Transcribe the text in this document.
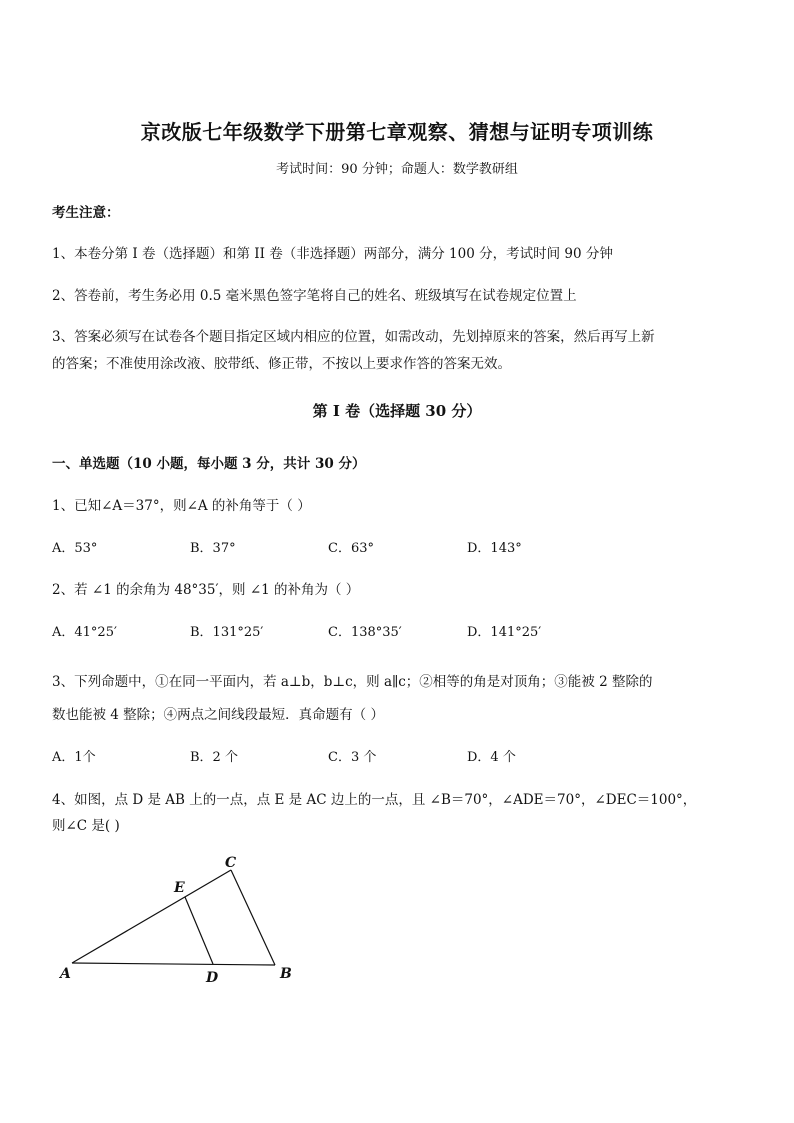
京改版七年级数学下册第七章观察、猜想与证明专项训练
考试时间：90 分钟；命题人：数学教研组
考生注意：
1、本卷分第 I 卷（选择题）和第 II 卷（非选择题）两部分，满分 100 分，考试时间 90 分钟
2、答卷前，考生务必用 0.5 毫米黑色签字笔将自己的姓名、班级填写在试卷规定位置上
3、答案必须写在试卷各个题目指定区域内相应的位置，如需改动，先划掉原来的答案，然后再写上新
的答案；不准使用涂改液、胶带纸、修正带，不按以上要求作答的答案无效。
第 I 卷（选择题 30 分）
一、单选题（10 小题，每小题 3 分，共计 30 分）
1、已知∠A＝37°，则∠A 的补角等于（ ）
A．53°	B．37°	C．63°	D．143°
2、若 ∠1 的余角为 48°35′，则 ∠1 的补角为（ ）
A．41°25′	B．131°25′	C．138°35′	D．141°25′
3、下列命题中，①在同一平面内，若 a⊥b，b⊥c，则 a∥c；②相等的角是对顶角；③能被 2 整除的
数也能被 4 整除；④两点之间线段最短．真命题有（ ）
A．1个	B．2 个	C．3 个	D．4 个
4、如图，点 D 是 AB 上的一点，点 E 是 AC 边上的一点，且 ∠B＝70°，∠ADE＝70°，∠DEC＝100°，
则∠C 是( )
A	B
C
D
E
